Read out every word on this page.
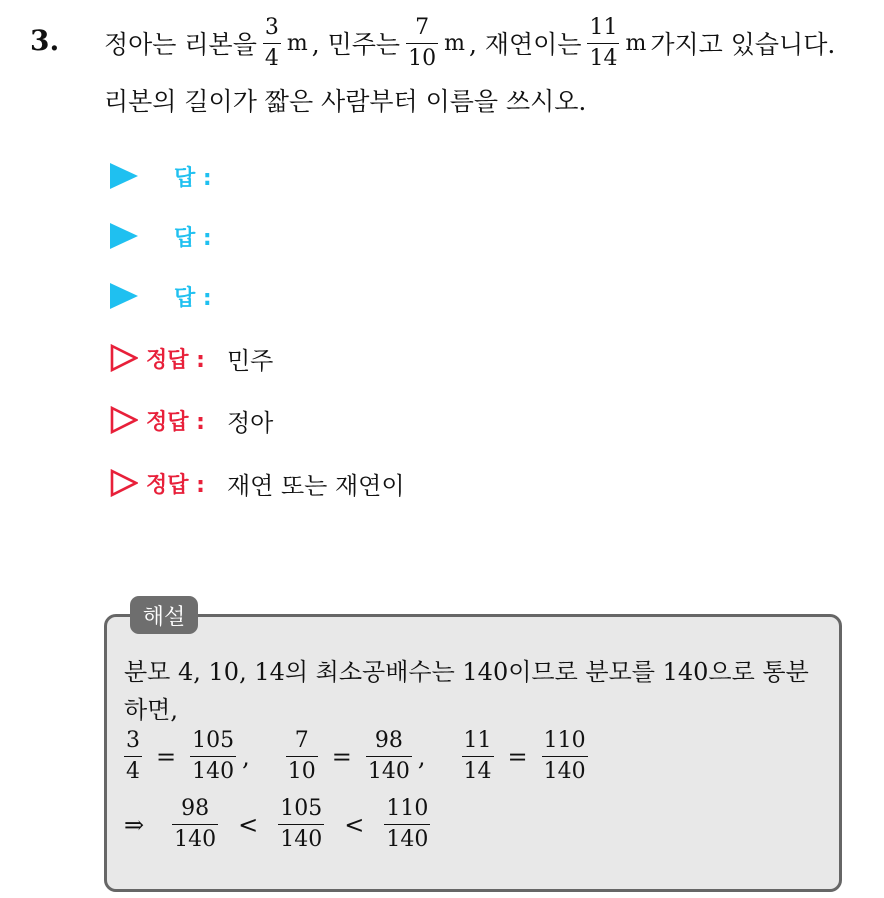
3. 정아는 리본을 $\frac{3}{4}$ m , 민주는 $\frac{7}{10}$ m , 재연이는 $\frac{11}{14}$ m 가지고 있습니다.
리본의 길이가 짧은 사람부터 이름을 쓰시오.
답 :
답 :
답 :
정답 : 민주
정답 : 정아
정답 : 재연 또는 재연이
해설
분모 4, 10, 14의 최소공배수는 140이므로 분모를 140으로 통분
하면,
$\frac{3}{4} = \frac{105}{140}$ , $\frac{7}{10} = \frac{98}{140}$ , $\frac{11}{14} = \frac{110}{140}$
⇒ $\frac{98}{140} < \frac{105}{140} < \frac{110}{140}$
